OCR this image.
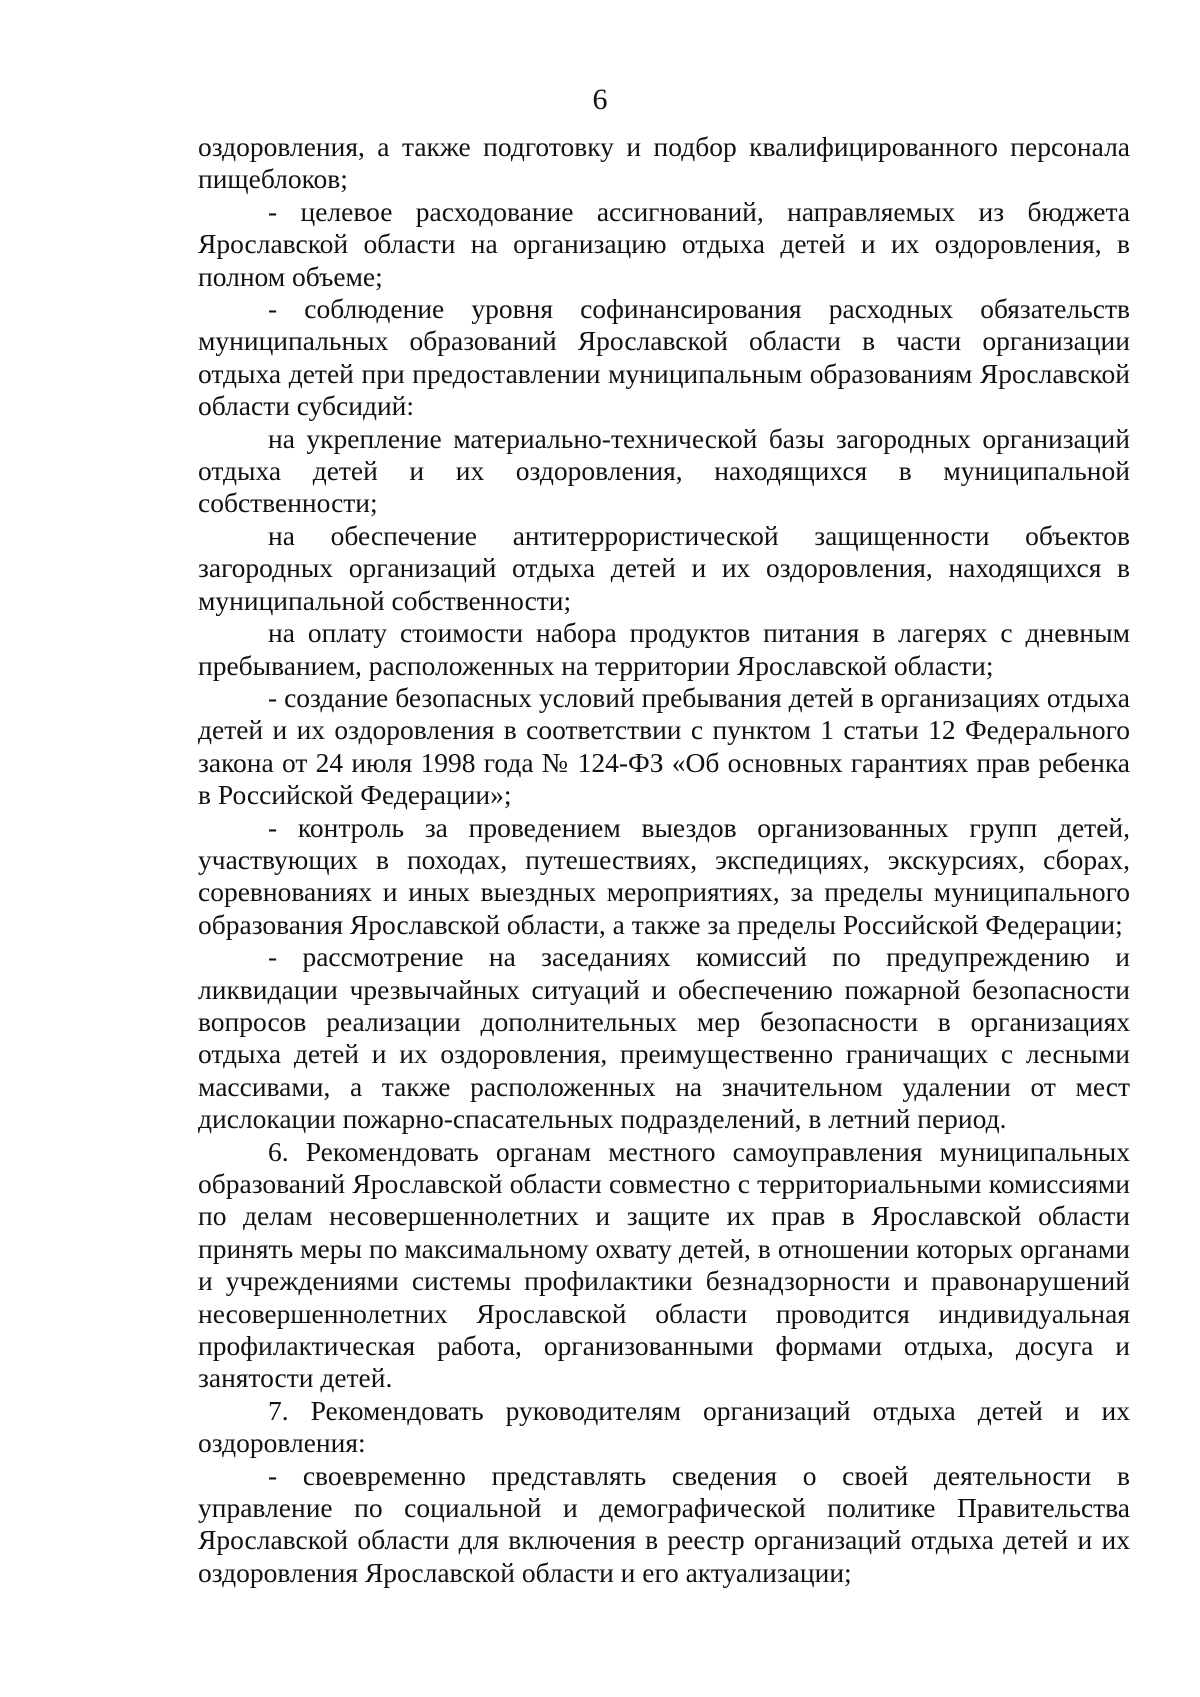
6

оздоровления, а также подготовку и подбор квалифицированного персонала пищеблоков;

- целевое расходование ассигнований, направляемых из бюджета Ярославской области на организацию отдыха детей и их оздоровления, в полном объеме;

- соблюдение уровня софинансирования расходных обязательств муниципальных образований Ярославской области в части организации отдыха детей при предоставлении муниципальным образованиям Ярославской области субсидий:

на укрепление материально-технической базы загородных организаций отдыха детей и их оздоровления, находящихся в муниципальной собственности;

на обеспечение антитеррористической защищенности объектов загородных организаций отдыха детей и их оздоровления, находящихся в муниципальной собственности;

на оплату стоимости набора продуктов питания в лагерях с дневным пребыванием, расположенных на территории Ярославской области;

- создание безопасных условий пребывания детей в организациях отдыха детей и их оздоровления в соответствии с пунктом 1 статьи 12 Федерального закона от 24 июля 1998 года № 124-ФЗ «Об основных гарантиях прав ребенка в Российской Федерации»;

- контроль за проведением выездов организованных групп детей, участвующих в походах, путешествиях, экспедициях, экскурсиях, сборах, соревнованиях и иных выездных мероприятиях, за пределы муниципального образования Ярославской области, а также за пределы Российской Федерации;

- рассмотрение на заседаниях комиссий по предупреждению и ликвидации чрезвычайных ситуаций и обеспечению пожарной безопасности вопросов реализации дополнительных мер безопасности в организациях отдыха детей и их оздоровления, преимущественно граничащих с лесными массивами, а также расположенных на значительном удалении от мест дислокации пожарно-спасательных подразделений, в летний период.

6. Рекомендовать органам местного самоуправления муниципальных образований Ярославской области совместно с территориальными комиссиями по делам несовершеннолетних и защите их прав в Ярославской области принять меры по максимальному охвату детей, в отношении которых органами и учреждениями системы профилактики безнадзорности и правонарушений несовершеннолетних Ярославской области проводится индивидуальная профилактическая работа, организованными формами отдыха, досуга и занятости детей.

7. Рекомендовать руководителям организаций отдыха детей и их оздоровления:

- своевременно представлять сведения о своей деятельности в управление по социальной и демографической политике Правительства Ярославской области для включения в реестр организаций отдыха детей и их оздоровления Ярославской области и его актуализации;
